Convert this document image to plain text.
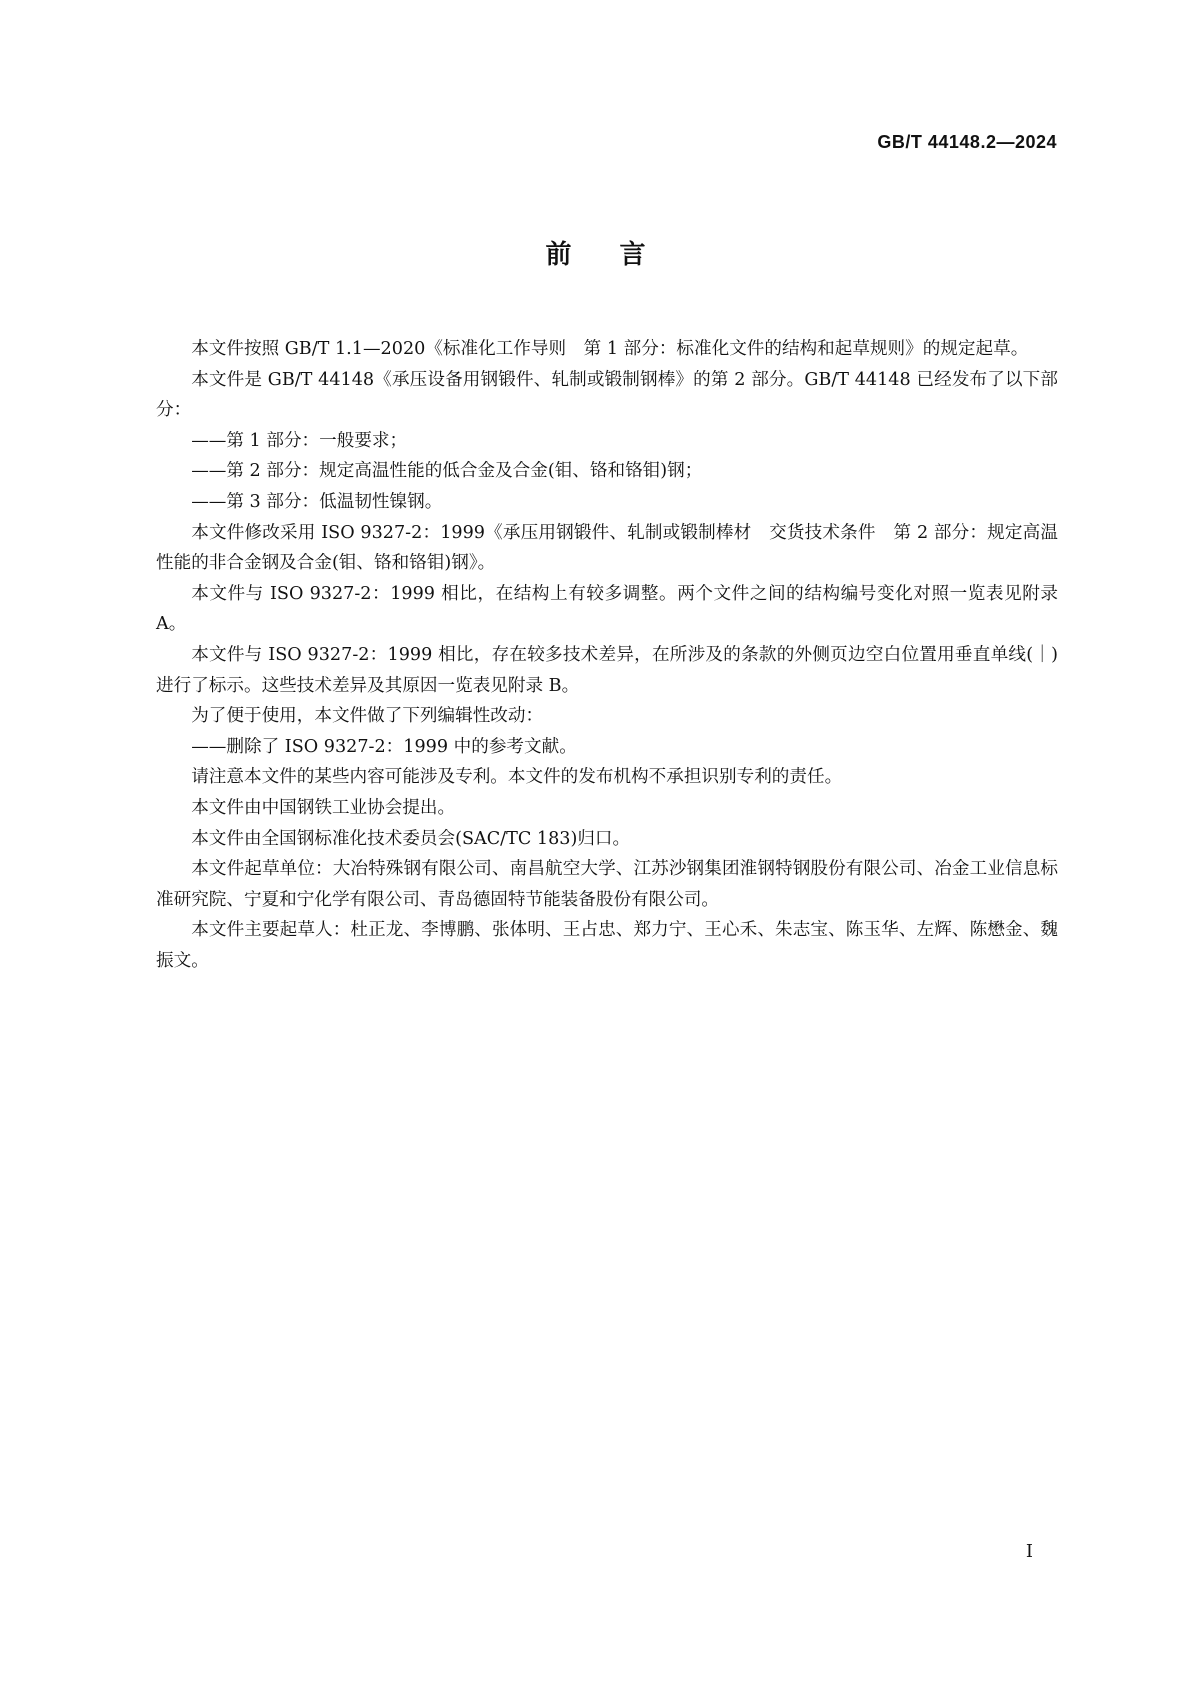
GB/T 44148.2—2024
前言

本文件按照 GB/T 1.1—2020《标准化工作导则　第 1 部分：标准化文件的结构和起草规则》的规定起草。

本文件是 GB/T 44148《承压设备用钢锻件、轧制或锻制钢棒》的第 2 部分。GB/T 44148 已经发布了以下部分：

——第 1 部分：一般要求；

——第 2 部分：规定高温性能的低合金及合金(钼、铬和铬钼)钢；

——第 3 部分：低温韧性镍钢。

本文件修改采用 ISO 9327-2：1999《承压用钢锻件、轧制或锻制棒材　交货技术条件　第 2 部分：规定高温性能的非合金钢及合金(钼、铬和铬钼)钢》。

本文件与 ISO 9327-2：1999 相比，在结构上有较多调整。两个文件之间的结构编号变化对照一览表见附录 A。

本文件与 ISO 9327-2：1999 相比，存在较多技术差异，在所涉及的条款的外侧页边空白位置用垂直单线(｜)进行了标示。这些技术差异及其原因一览表见附录 B。

为了便于使用，本文件做了下列编辑性改动：

——删除了 ISO 9327-2：1999 中的参考文献。

请注意本文件的某些内容可能涉及专利。本文件的发布机构不承担识别专利的责任。

本文件由中国钢铁工业协会提出。

本文件由全国钢标准化技术委员会(SAC/TC 183)归口。

本文件起草单位：大冶特殊钢有限公司、南昌航空大学、江苏沙钢集团淮钢特钢股份有限公司、冶金工业信息标准研究院、宁夏和宁化学有限公司、青岛德固特节能装备股份有限公司。

本文件主要起草人：杜正龙、李博鹏、张体明、王占忠、郑力宁、王心禾、朱志宝、陈玉华、左辉、陈懋金、魏振文。

Ⅰ
